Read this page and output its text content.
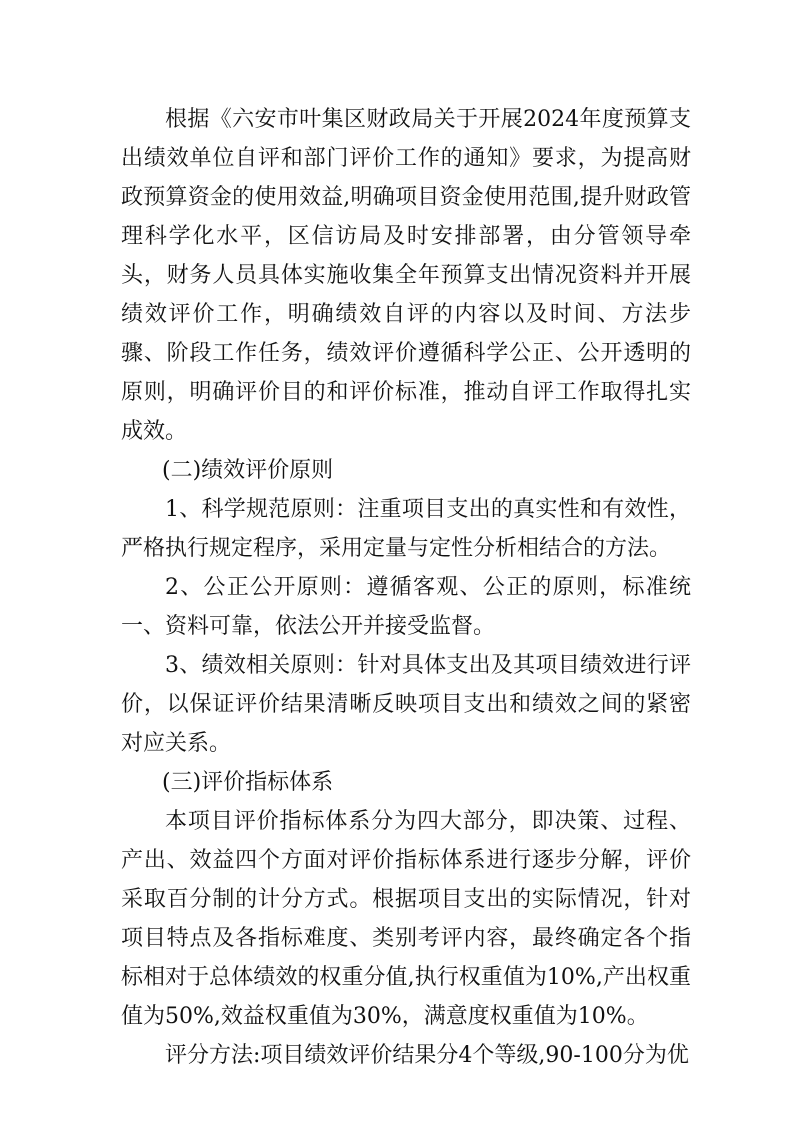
根据《六安市叶集区财政局关于开展2024年度预算支出绩效单位自评和部门评价工作的通知》要求，为提高财政预算资金的使用效益,明确项目资金使用范围,提升财政管理科学化水平，区信访局及时安排部署，由分管领导牵头，财务人员具体实施收集全年预算支出情况资料并开展绩效评价工作，明确绩效自评的内容以及时间、方法步骤、阶段工作任务，绩效评价遵循科学公正、公开透明的原则，明确评价目的和评价标准，推动自评工作取得扎实成效。

(二)绩效评价原则

1、科学规范原则：注重项目支出的真实性和有效性，严格执行规定程序，采用定量与定性分析相结合的方法。

2、公正公开原则：遵循客观、公正的原则，标准统一、资料可靠，依法公开并接受监督。

3、绩效相关原则：针对具体支出及其项目绩效进行评价，以保证评价结果清晰反映项目支出和绩效之间的紧密对应关系。

(三)评价指标体系

本项目评价指标体系分为四大部分，即决策、过程、产出、效益四个方面对评价指标体系进行逐步分解，评价采取百分制的计分方式。根据项目支出的实际情况，针对项目特点及各指标难度、类别考评内容，最终确定各个指标相对于总体绩效的权重分值,执行权重值为10%,产出权重值为50%,效益权重值为30%，满意度权重值为10%。

评分方法:项目绩效评价结果分4个等级,90-100分为优
